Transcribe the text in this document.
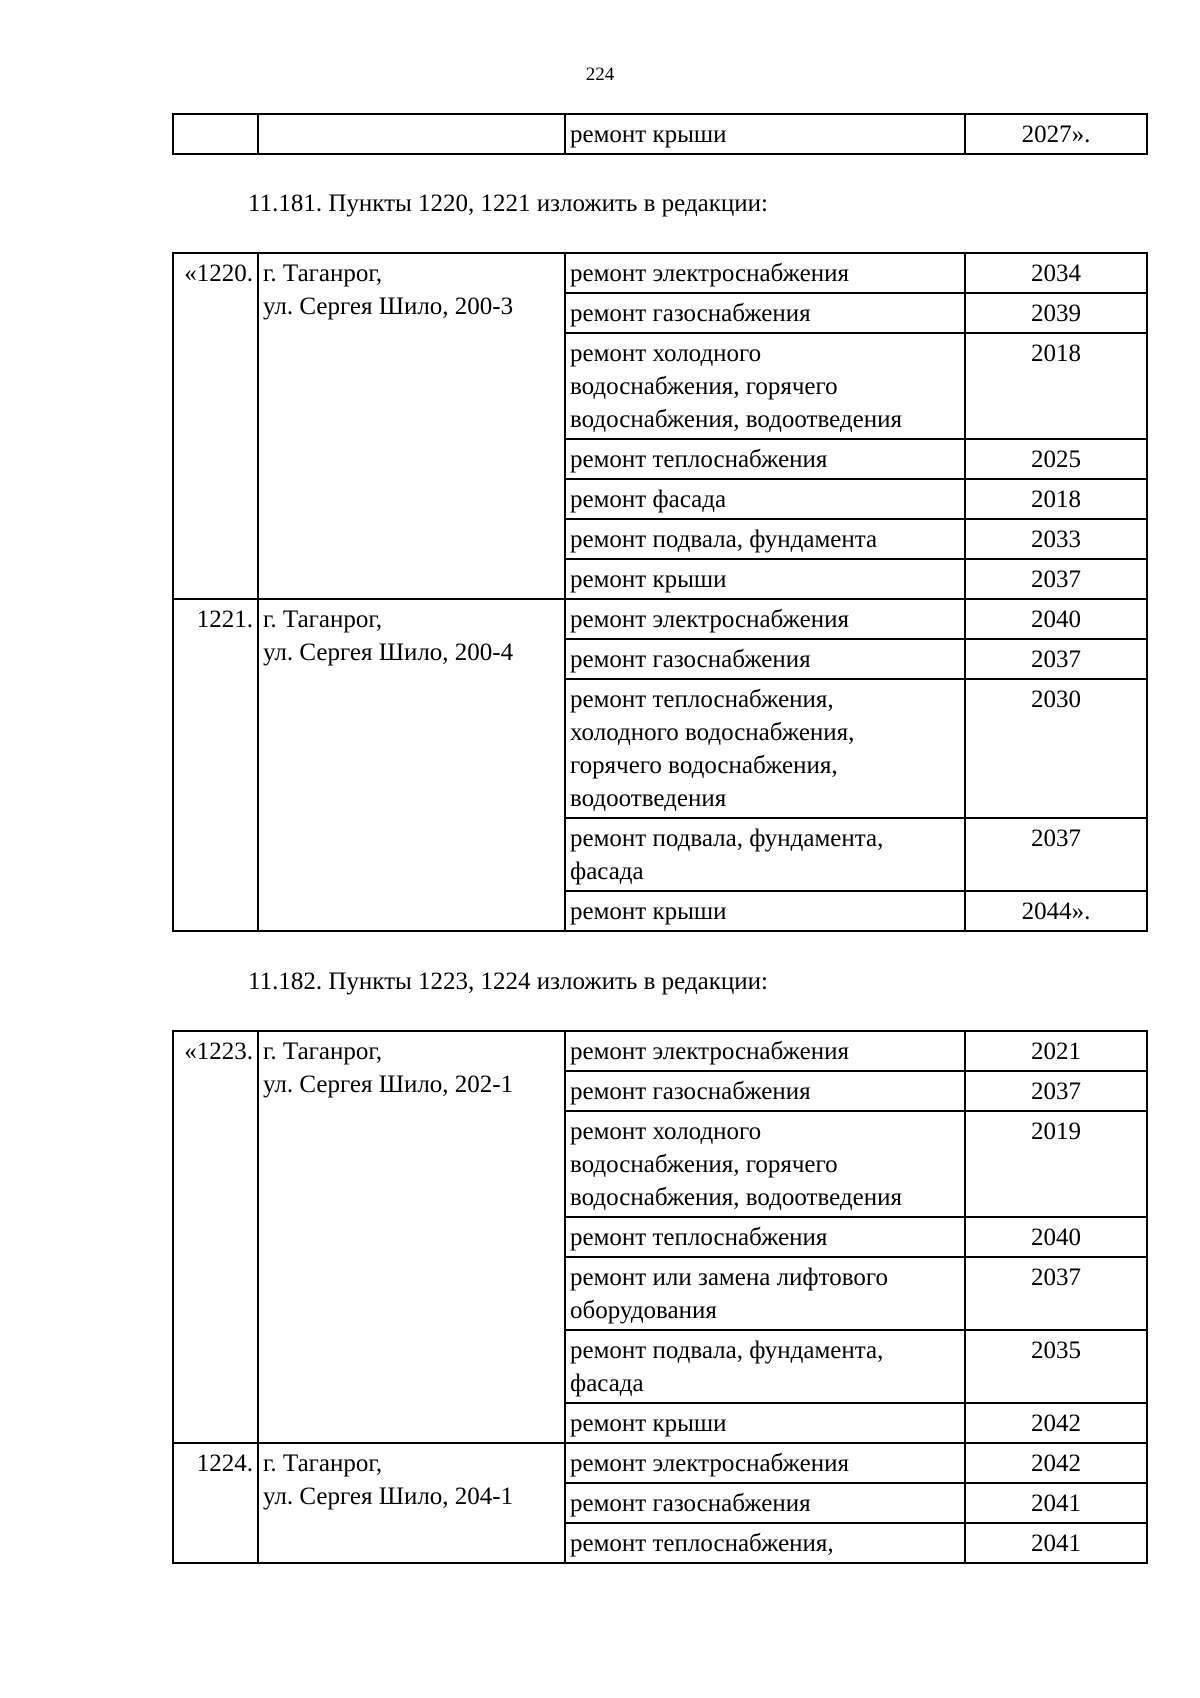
224
		ремонт крыши	2027».
11.181. Пункты 1220, 1221 изложить в редакции:
«1220.	г. Таганрог,
ул. Сергея Шило, 200-3	ремонт электроснабжения	2034
		ремонт газоснабжения	2039

		ремонт холодного
водоснабжения, горячего
водоснабжения, водоотведения	2018
		ремонт теплоснабжения	2025
		ремонт фасада	2018
		ремонт подвала, фундамента	2033
		ремонт крыши	2037
1221.	г. Таганрог,
ул. Сергея Шило, 200-4	ремонт электроснабжения	2040
		ремонт газоснабжения	2037

		ремонт теплоснабжения,
холодного водоснабжения,
горячего водоснабжения,
водоотведения	2030

		ремонт подвала, фундамента,
фасада	2037
		ремонт крыши	2044».
11.182. Пункты 1223, 1224 изложить в редакции:
«1223.	г. Таганрог,
ул. Сергея Шило, 202-1	ремонт электроснабжения	2021
		ремонт газоснабжения	2037

		ремонт холодного
водоснабжения, горячего
водоснабжения, водоотведения	2019
		ремонт теплоснабжения	2040

		ремонт или замена лифтового
оборудования	2037

		ремонт подвала, фундамента,
фасада	2035
		ремонт крыши	2042
1224.	г. Таганрог,
ул. Сергея Шило, 204-1	ремонт электроснабжения	2042
		ремонт газоснабжения	2041
		ремонт теплоснабжения,	2041
